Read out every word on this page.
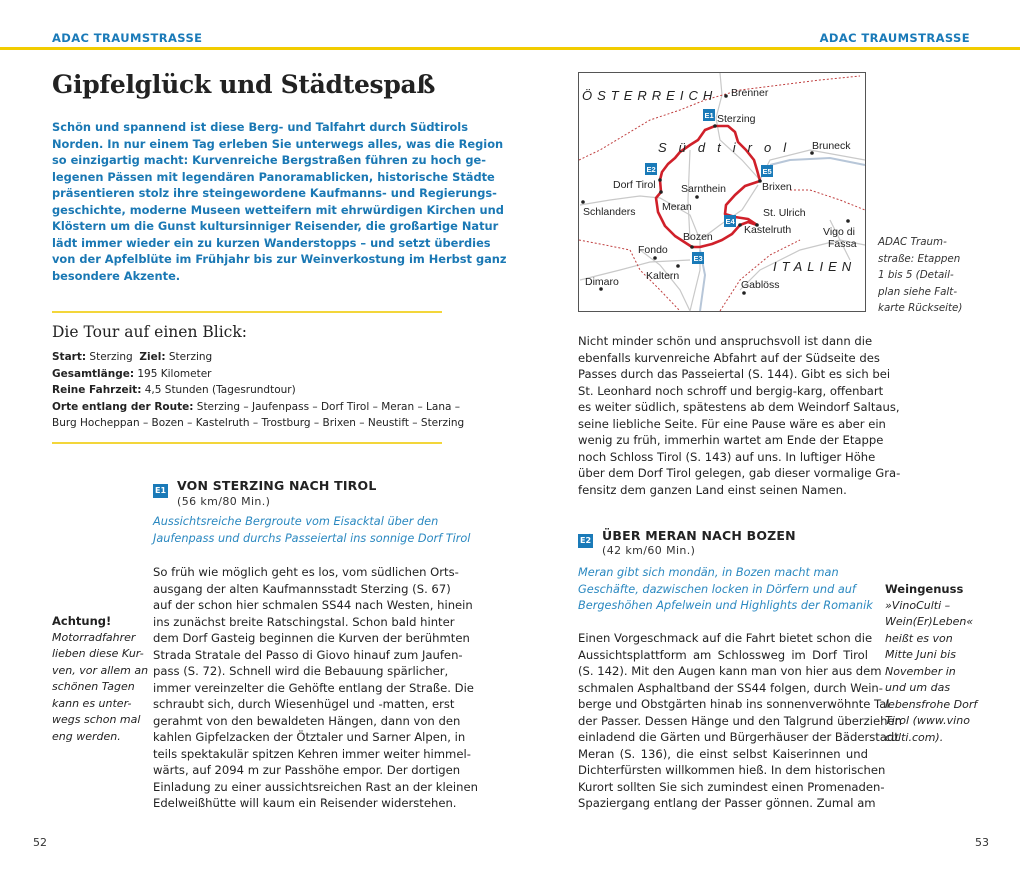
ADAC TRAUMSTRASSE	ADAC TRAUMSTRASSE
Gipfelglück und Städtespaß
Schön und spannend ist diese Berg- und Talfahrt durch Südtirols
Norden. In nur einem Tag erleben Sie unterwegs alles, was die Region
so einzigartig macht: Kurvenreiche Bergstraßen führen zu hoch ge-
legenen Pässen mit legendären Panoramablicken, historische Städte
präsentieren stolz ihre steingewordene Kaufmanns- und Regierungs-
geschichte, moderne Museen wetteifern mit ehrwürdigen Kirchen und
Klöstern um die Gunst kultursinniger Reisender, die großartige Natur
lädt immer wieder ein zu kurzen Wanderstopps – und setzt überdies
von der Apfelblüte im Frühjahr bis zur Weinverkostung im Herbst ganz
besondere Akzente.
Die Tour auf einen Blick:
Start: Sterzing  Ziel: Sterzing
Gesamtlänge: 195 Kilometer
Reine Fahrzeit: 4,5 Stunden (Tagesrundtour)
Orte entlang der Route: Sterzing – Jaufenpass – Dorf Tirol – Meran – Lana –
Burg Hocheppan – Bozen – Kastelruth – Trostburg – Brixen – Neustift – Sterzing
E1 VON STERZING NACH TIROL
(56 km/80 Min.)
Aussichtsreiche Bergroute vom Eisacktal über den
Jaufenpass und durchs Passeiertal ins sonnige Dorf Tirol
So früh wie möglich geht es los, vom südlichen Orts-
ausgang der alten Kaufmannsstadt Sterzing (S. 67)
auf der schon hier schmalen SS44 nach Westen, hinein
ins zunächst breite Ratschingstal. Schon bald hinter
dem Dorf Gasteig beginnen die Kurven der berühmten
Strada Stratale del Passo di Giovo hinauf zum Jaufen-
pass (S. 72). Schnell wird die Bebauung spärlicher,
immer vereinzelter die Gehöfte entlang der Straße. Die
schraubt sich, durch Wiesenhügel und -matten, erst
gerahmt von den bewaldeten Hängen, dann von den
kahlen Gipfelzacken der Ötztaler und Sarner Alpen, in
teils spektakulär spitzen Kehren immer weiter himmel-
wärts, auf 2094 m zur Passhöhe empor. Der dortigen
Einladung zu einer aussichtsreichen Rast an der kleinen
Edelweißhütte will kaum ein Reisender widerstehen.
Achtung!
Motorradfahrer
lieben diese Kur-
ven, vor allem an
schönen Tagen
kann es unter-
wegs schon mal
eng werden.
52
ÖSTERREICH
Südtirol
ITALIEN
Brenner
Sterzing
Bruneck
Dorf Tirol Sarnthein	Brixen
Schlanders	Meran	St. Ulrich
Kastelruth	Vigo di
Fassa
Bozen
Fondo
Kaltern
Dimaro	Gablöss
E1
E2
E3
E4
E5
ADAC Traum-
straße: Etappen
1 bis 5 (Detail-
plan siehe Falt-
karte Rückseite)
Nicht minder schön und anspruchsvoll ist dann die
ebenfalls kurvenreiche Abfahrt auf der Südseite des
Passes durch das Passeiertal (S. 144). Gibt es sich bei
St. Leonhard noch schroff und bergig-karg, offenbart
es weiter südlich, spätestens ab dem Weindorf Saltaus,
seine liebliche Seite. Für eine Pause wäre es aber ein
wenig zu früh, immerhin wartet am Ende der Etappe
noch Schloss Tirol (S. 143) auf uns. In luftiger Höhe
über dem Dorf Tirol gelegen, gab dieser vormalige Gra-
fensitz dem ganzen Land einst seinen Namen.
E2 ÜBER MERAN NACH BOZEN
(42 km/60 Min.)
Meran gibt sich mondän, in Bozen macht man
Geschäfte, dazwischen locken in Dörfern und auf
Bergeshöhen Apfelwein und Highlights der Romanik
Einen Vorgeschmack auf die Fahrt bietet schon die
Aussichtsplattform am Schlossweg im Dorf Tirol
(S. 142). Mit den Augen kann man von hier aus dem
schmalen Asphaltband der SS44 folgen, durch Wein-
berge und Obstgärten hinab ins sonnenverwöhnte Tal
der Passer. Dessen Hänge und den Talgrund überziehen
einladend die Gärten und Bürgerhäuser der Bäderstadt
Meran (S. 136), die einst selbst Kaiserinnen und
Dichterfürsten willkommen hieß. In dem historischen
Kurort sollten Sie sich zumindest einen Promenaden-
Spaziergang entlang der Passer gönnen. Zumal am
Weingenuss
»VinoCulti –
Wein(Er)Leben«
heißt es von
Mitte Juni bis
November in
und um das
lebensfrohe Dorf
Tirol (www.vino
culti.com).
53
